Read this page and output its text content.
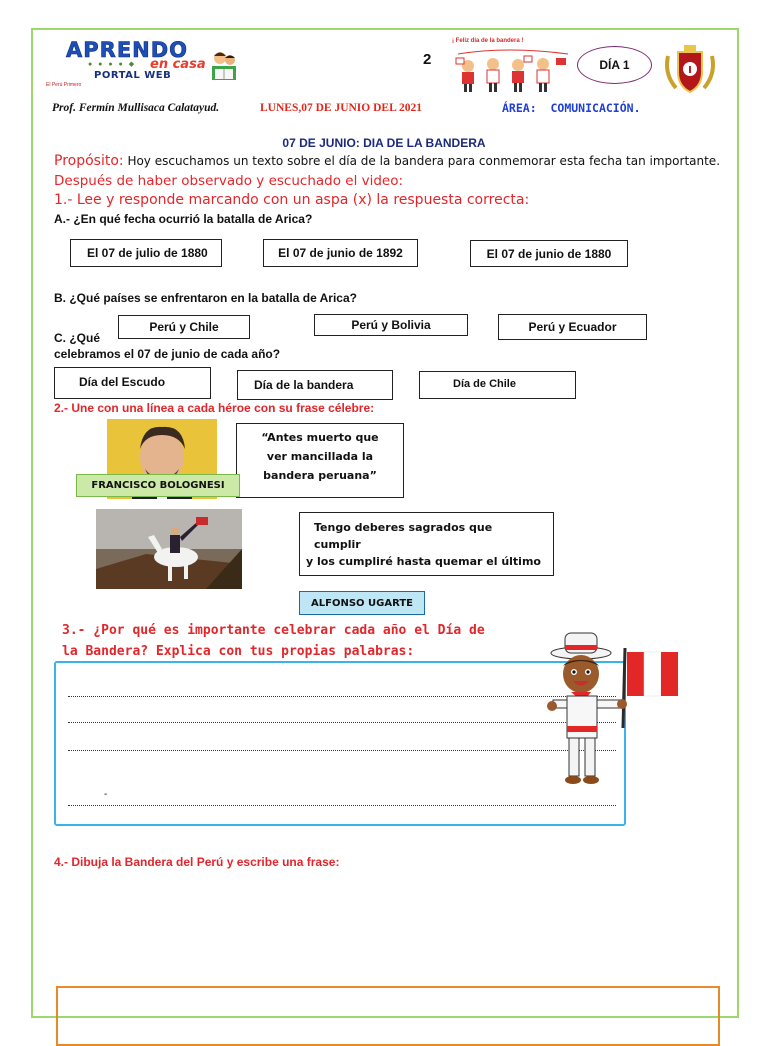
APRENDO
● ● ● ● ◆ en casa
PORTAL WEB
El Perú Primero
2
¡ Feliz día de la bandera !
DÍA 1	I
Prof. Fermín Mullisaca Calatayud.	LUNES,07 DE JUNIO DEL 2021	ÁREA: COMUNICACIÓN.
07 DE JUNIO: DIA DE LA BANDERA
Propósito: Hoy escuchamos un texto sobre el día de la bandera para conmemorar esta fecha tan importante.
Después de haber observado y escuchado el video:
1.- Lee y responde marcando con un aspa (x) la respuesta correcta:
A.- ¿En qué fecha ocurrió la batalla de Arica?
El 07 de julio de 1880	El 07 de junio de 1892	El 07 de junio de 1880
B. ¿Qué países se enfrentaron en la batalla de Arica?
Perú y Chile	Perú y Bolivia	Perú y Ecuador
C. ¿Qué
celebramos el 07 de junio de cada año?
Día del Escudo	Día de la bandera	Día de Chile
2.- Une con una línea a cada héroe con su frase célebre:
“Antes muerto que
ver mancillada la
bandera peruana”
FRANCISCO BOLOGNESI
Tengo deberes sagrados que
cumplir
y los cumpliré hasta quemar el último
ALFONSO UGARTE
3.- ¿Por qué es importante celebrar cada año el Día de la Bandera? Explica con tus propias palabras:
-
4.- Dibuja la Bandera del Perú y escribe una frase:
